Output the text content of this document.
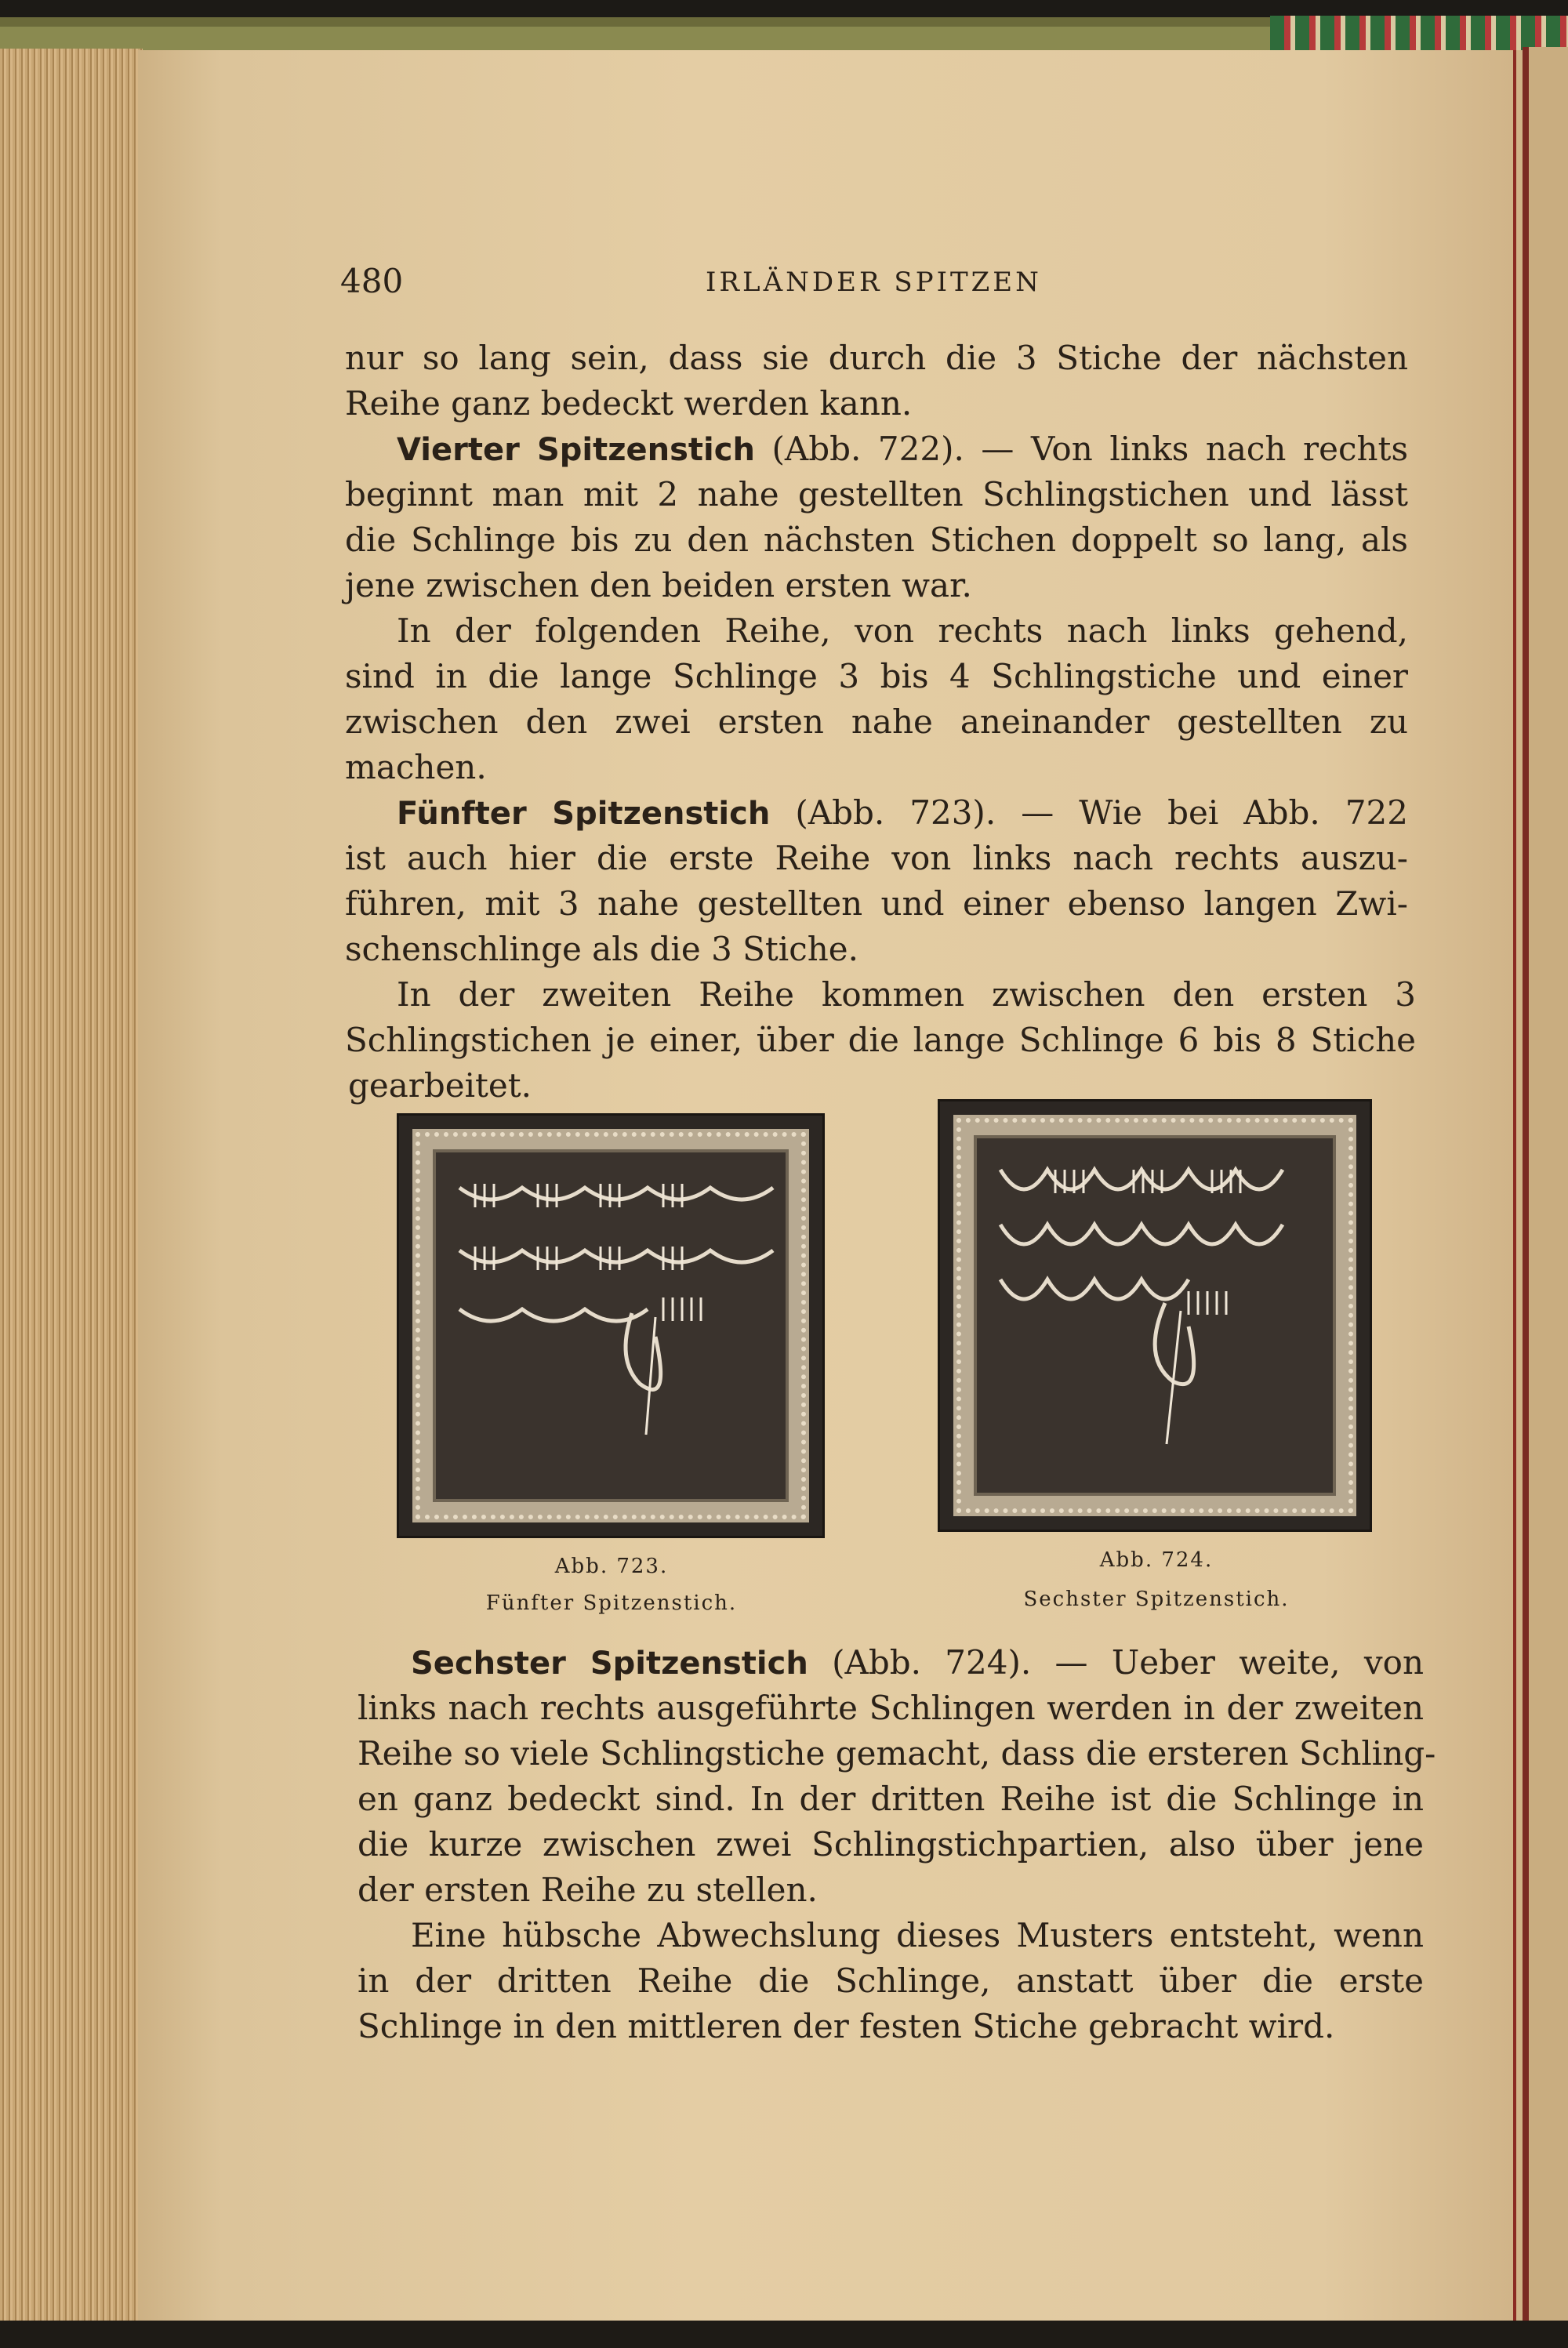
480	IRLÄNDER SPITZEN
nur so lang sein, dass sie durch die 3 Stiche der nächsten
Reihe ganz bedeckt werden kann.
Vierter Spitzenstich (Abb. 722). — Von links nach rechts
beginnt man mit 2 nahe gestellten Schlingstichen und lässt
die Schlinge bis zu den nächsten Stichen doppelt so lang, als
jene zwischen den beiden ersten war.
In der folgenden Reihe, von rechts nach links gehend,
sind in die lange Schlinge 3 bis 4 Schlingstiche und einer
zwischen den zwei ersten nahe aneinander gestellten zu
machen.
Fünfter Spitzenstich (Abb. 723). — Wie bei Abb. 722
ist auch hier die erste Reihe von links nach rechts auszu-
führen, mit 3 nahe gestellten und einer ebenso langen Zwi-
schenschlinge als die 3 Stiche.
In der zweiten Reihe kommen zwischen den ersten 3
Schlingstichen je einer, über die lange Schlinge 6 bis 8 Stiche
gearbeitet.
Abb. 723.
Fünfter Spitzenstich.
Abb. 724.
Sechster Spitzenstich.
Sechster Spitzenstich (Abb. 724). — Ueber weite, von
links nach rechts ausgeführte Schlingen werden in der zweiten
Reihe so viele Schlingstiche gemacht, dass die ersteren Schling-
en ganz bedeckt sind. In der dritten Reihe ist die Schlinge in
die kurze zwischen zwei Schlingstichpartien, also über jene
der ersten Reihe zu stellen.
Eine hübsche Abwechslung dieses Musters entsteht, wenn
in der dritten Reihe die Schlinge, anstatt über die erste
Schlinge in den mittleren der festen Stiche gebracht wird.
